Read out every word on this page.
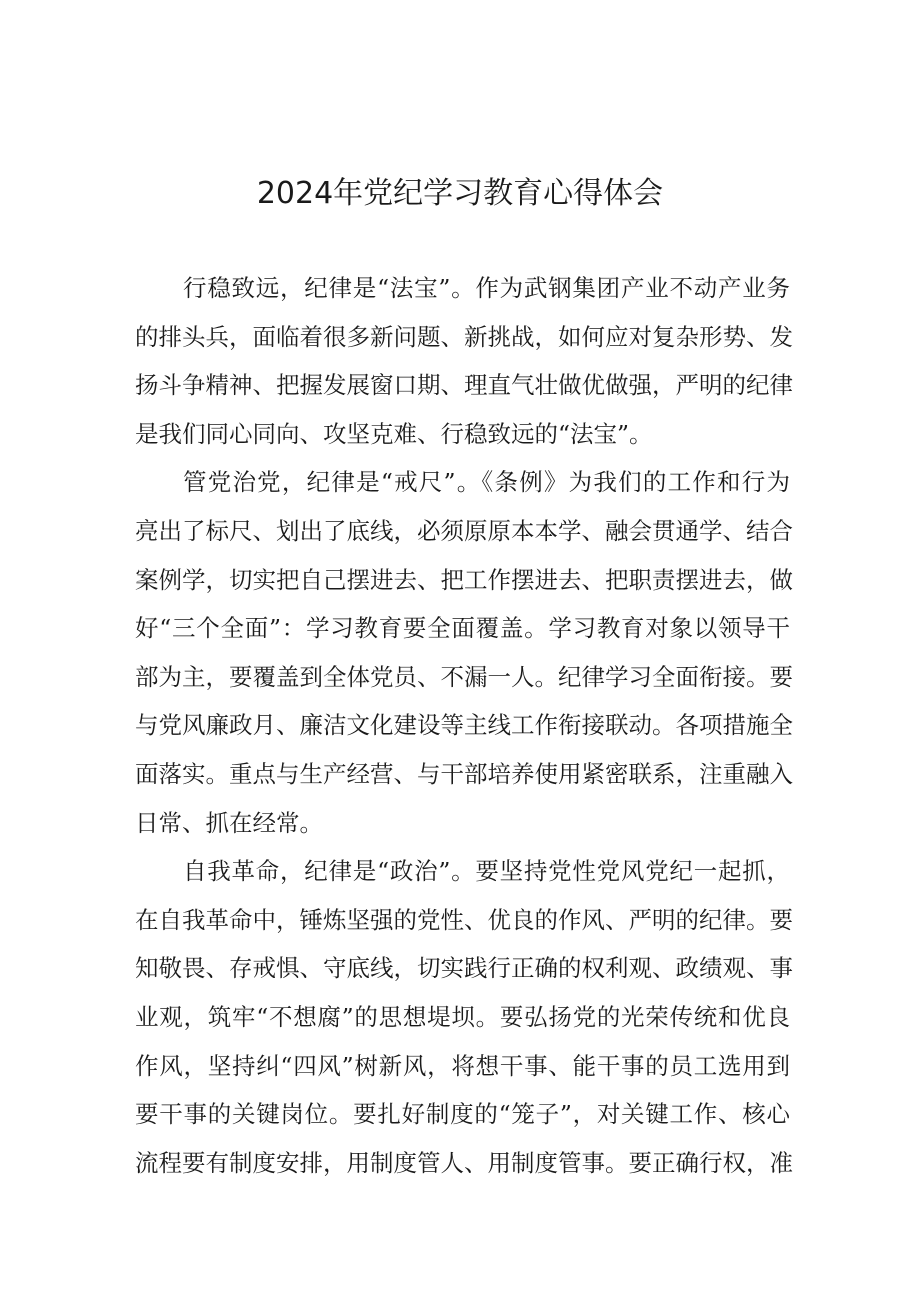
2024年党纪学习教育心得体会
行稳致远，纪律是“法宝”。作为武钢集团产业不动产业务
的排头兵，面临着很多新问题、新挑战，如何应对复杂形势、发
扬斗争精神、把握发展窗口期、理直气壮做优做强，严明的纪律
是我们同心同向、攻坚克难、行稳致远的“法宝”。
管党治党，纪律是“戒尺”。《条例》为我们的工作和行为
亮出了标尺、划出了底线，必须原原本本学、融会贯通学、结合
案例学，切实把自己摆进去、把工作摆进去、把职责摆进去，做
好“三个全面”：学习教育要全面覆盖。学习教育对象以领导干
部为主，要覆盖到全体党员、不漏一人。纪律学习全面衔接。要
与党风廉政月、廉洁文化建设等主线工作衔接联动。各项措施全
面落实。重点与生产经营、与干部培养使用紧密联系，注重融入
日常、抓在经常。
自我革命，纪律是“政治”。要坚持党性党风党纪一起抓，
在自我革命中，锤炼坚强的党性、优良的作风、严明的纪律。要
知敬畏、存戒惧、守底线，切实践行正确的权利观、政绩观、事
业观，筑牢“不想腐”的思想堤坝。要弘扬党的光荣传统和优良
作风，坚持纠“四风”树新风，将想干事、能干事的员工选用到
要干事的关键岗位。要扎好制度的“笼子”，对关键工作、核心
流程要有制度安排，用制度管人、用制度管事。要正确行权，准
